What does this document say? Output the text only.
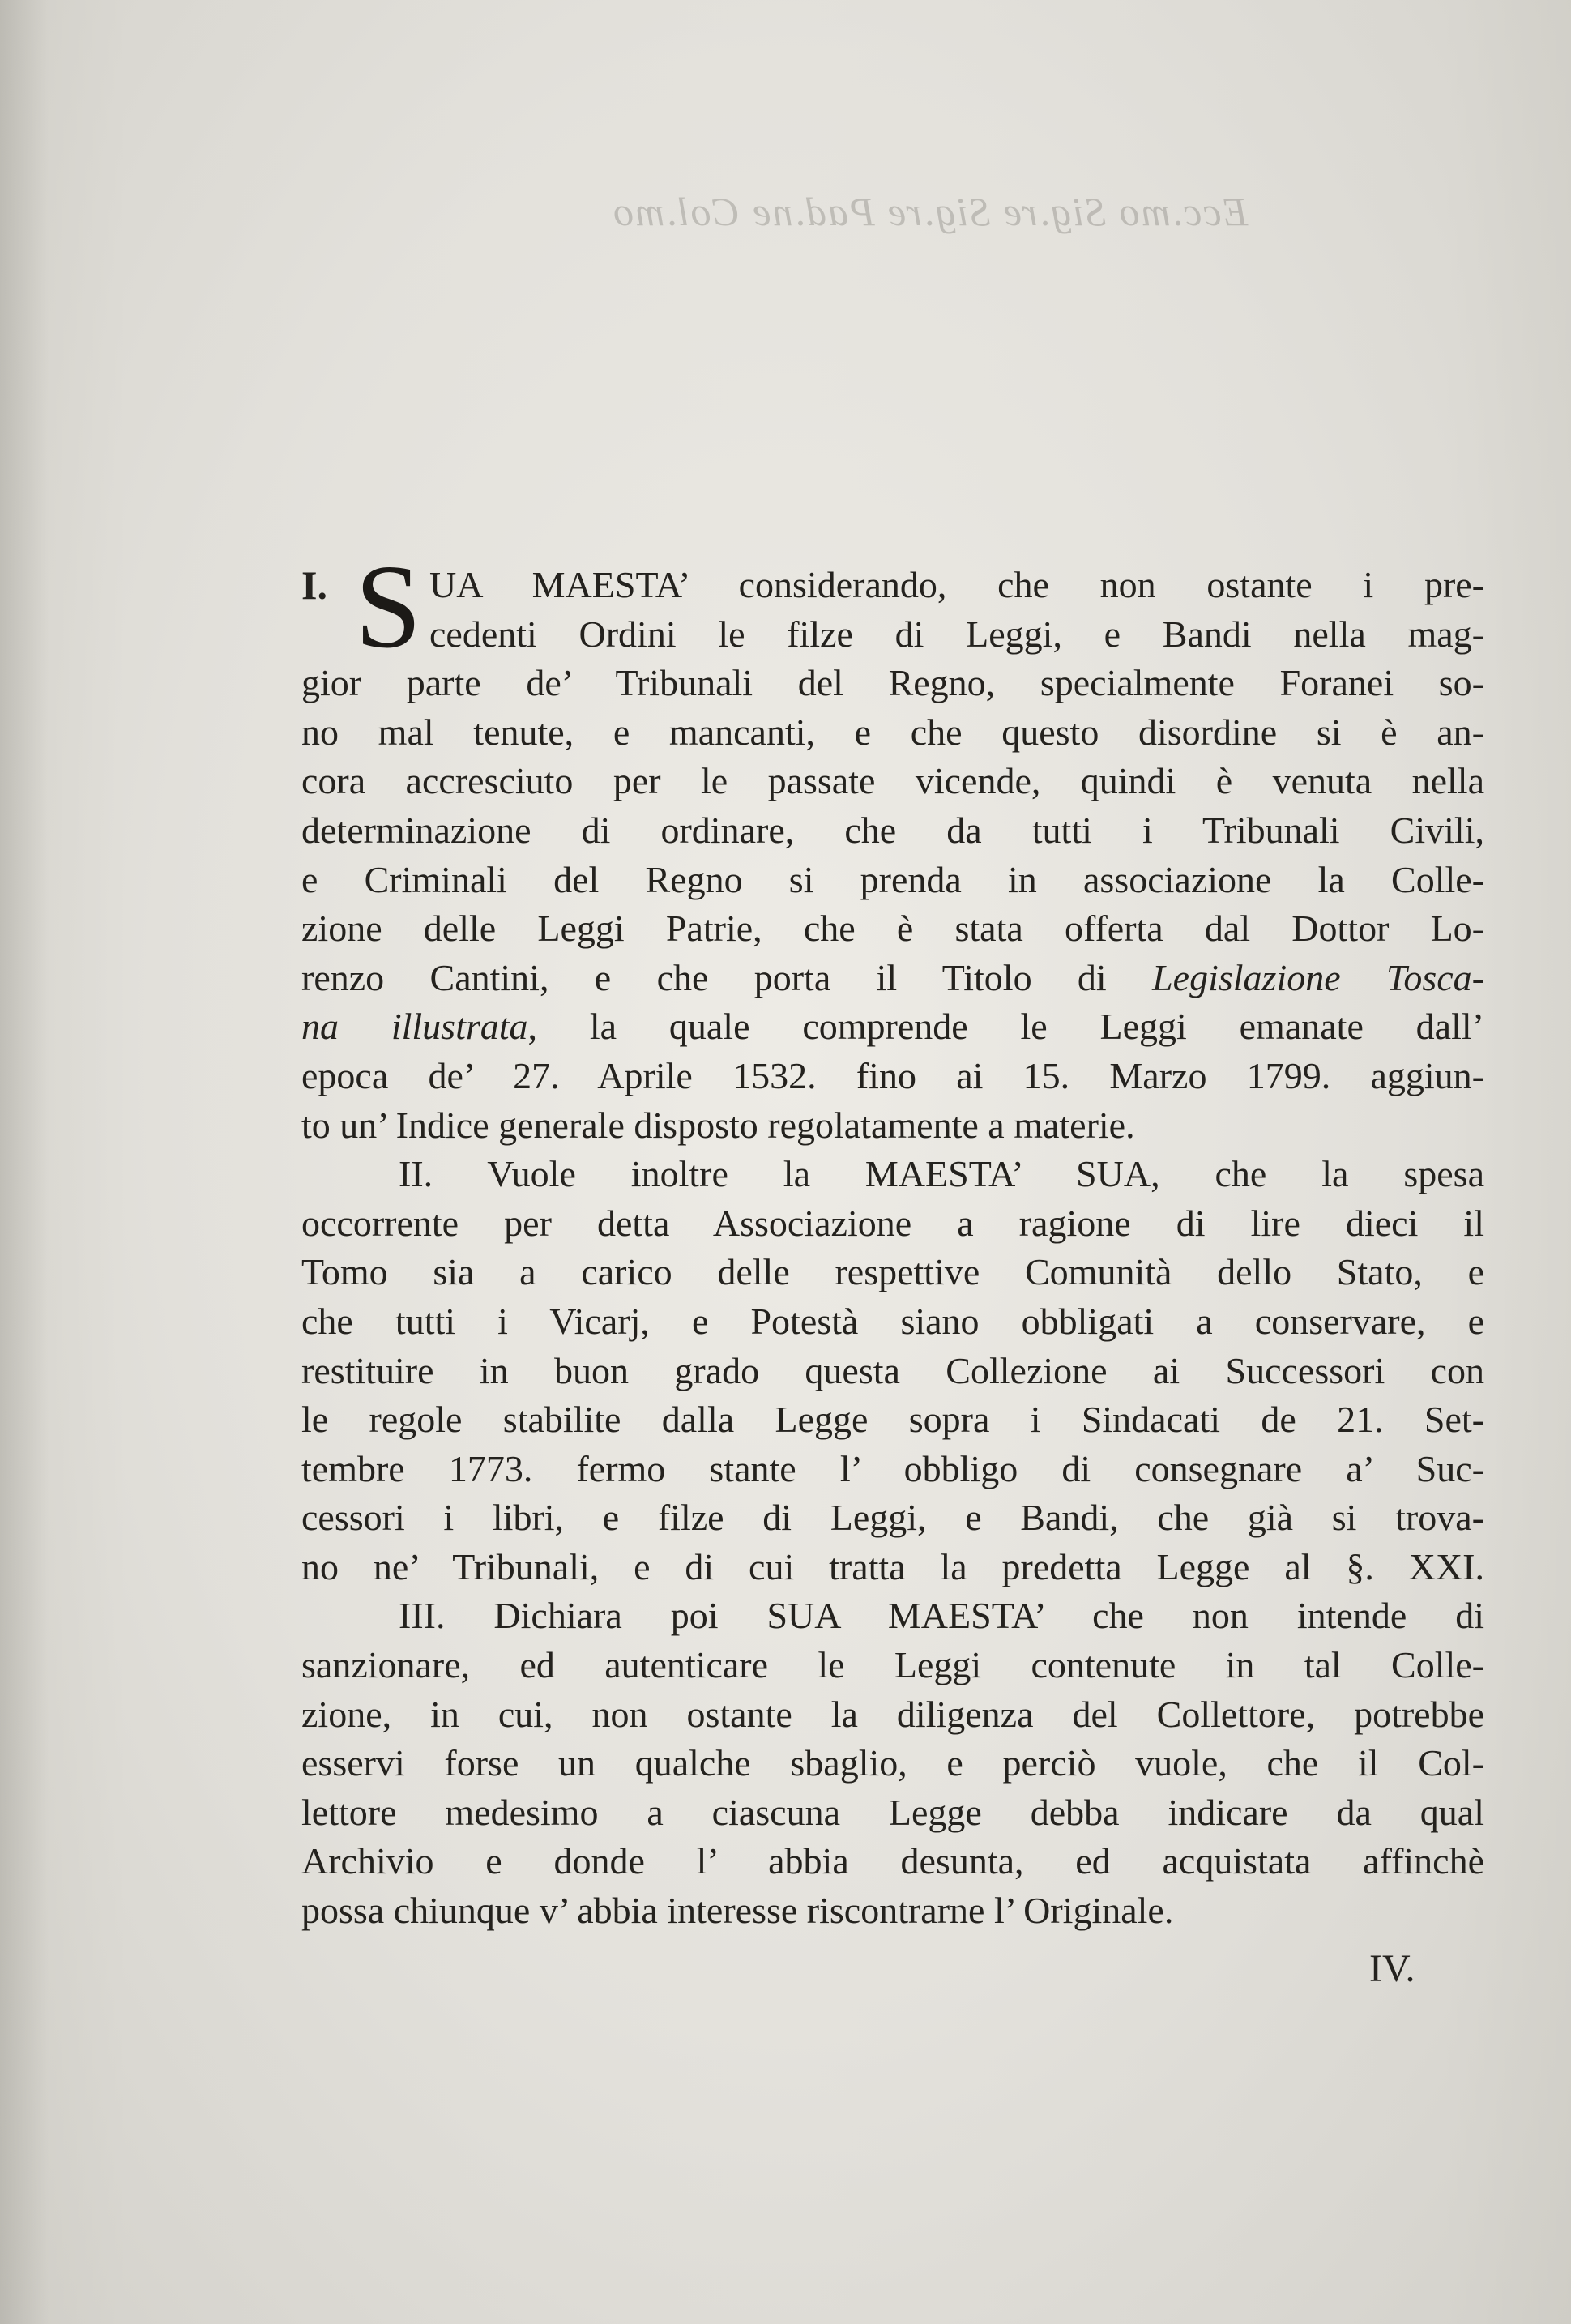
Ecc.mo Sig.re Sig.re Pad.ne Col.mo
I. S UA MAESTA’ considerando, che non ostante i pre-
cedenti Ordini le filze di Leggi, e Bandi nella mag-
gior parte de’ Tribunali del Regno, specialmente Foranei so-
no mal tenute, e mancanti, e che questo disordine si è an-
cora accresciuto per le passate vicende, quindi è venuta nella
determinazione di ordinare, che da tutti i Tribunali Civili,
e Criminali del Regno si prenda in associazione la Colle-
zione delle Leggi Patrie, che è stata offerta dal Dottor Lo-
renzo Cantini, e che porta il Titolo di Legislazione Tosca-
na illustrata, la quale comprende le Leggi emanate dall’
epoca de’ 27. Aprile 1532. fino ai 15. Marzo 1799. aggiun-
to un’ Indice generale disposto regolatamente a materie.
II. Vuole inoltre la MAESTA’ SUA, che la spesa
occorrente per detta Associazione a ragione di lire dieci il
Tomo sia a carico delle respettive Comunità dello Stato, e
che tutti i Vicarj, e Potestà siano obbligati a conservare, e
restituire in buon grado questa Collezione ai Successori con
le regole stabilite dalla Legge sopra i Sindacati de 21. Set-
tembre 1773. fermo stante l’ obbligo di consegnare a’ Suc-
cessori i libri, e filze di Leggi, e Bandi, che già si trova-
no ne’ Tribunali, e di cui tratta la predetta Legge al §. XXI.
III. Dichiara poi SUA MAESTA’ che non intende di
sanzionare, ed autenticare le Leggi contenute in tal Colle-
zione, in cui, non ostante la diligenza del Collettore, potrebbe
esservi forse un qualche sbaglio, e perciò vuole, che il Col-
lettore medesimo a ciascuna Legge debba indicare da qual
Archivio e donde l’ abbia desunta, ed acquistata affinchè
possa chiunque v’ abbia interesse riscontrarne l’ Originale.
IV.
